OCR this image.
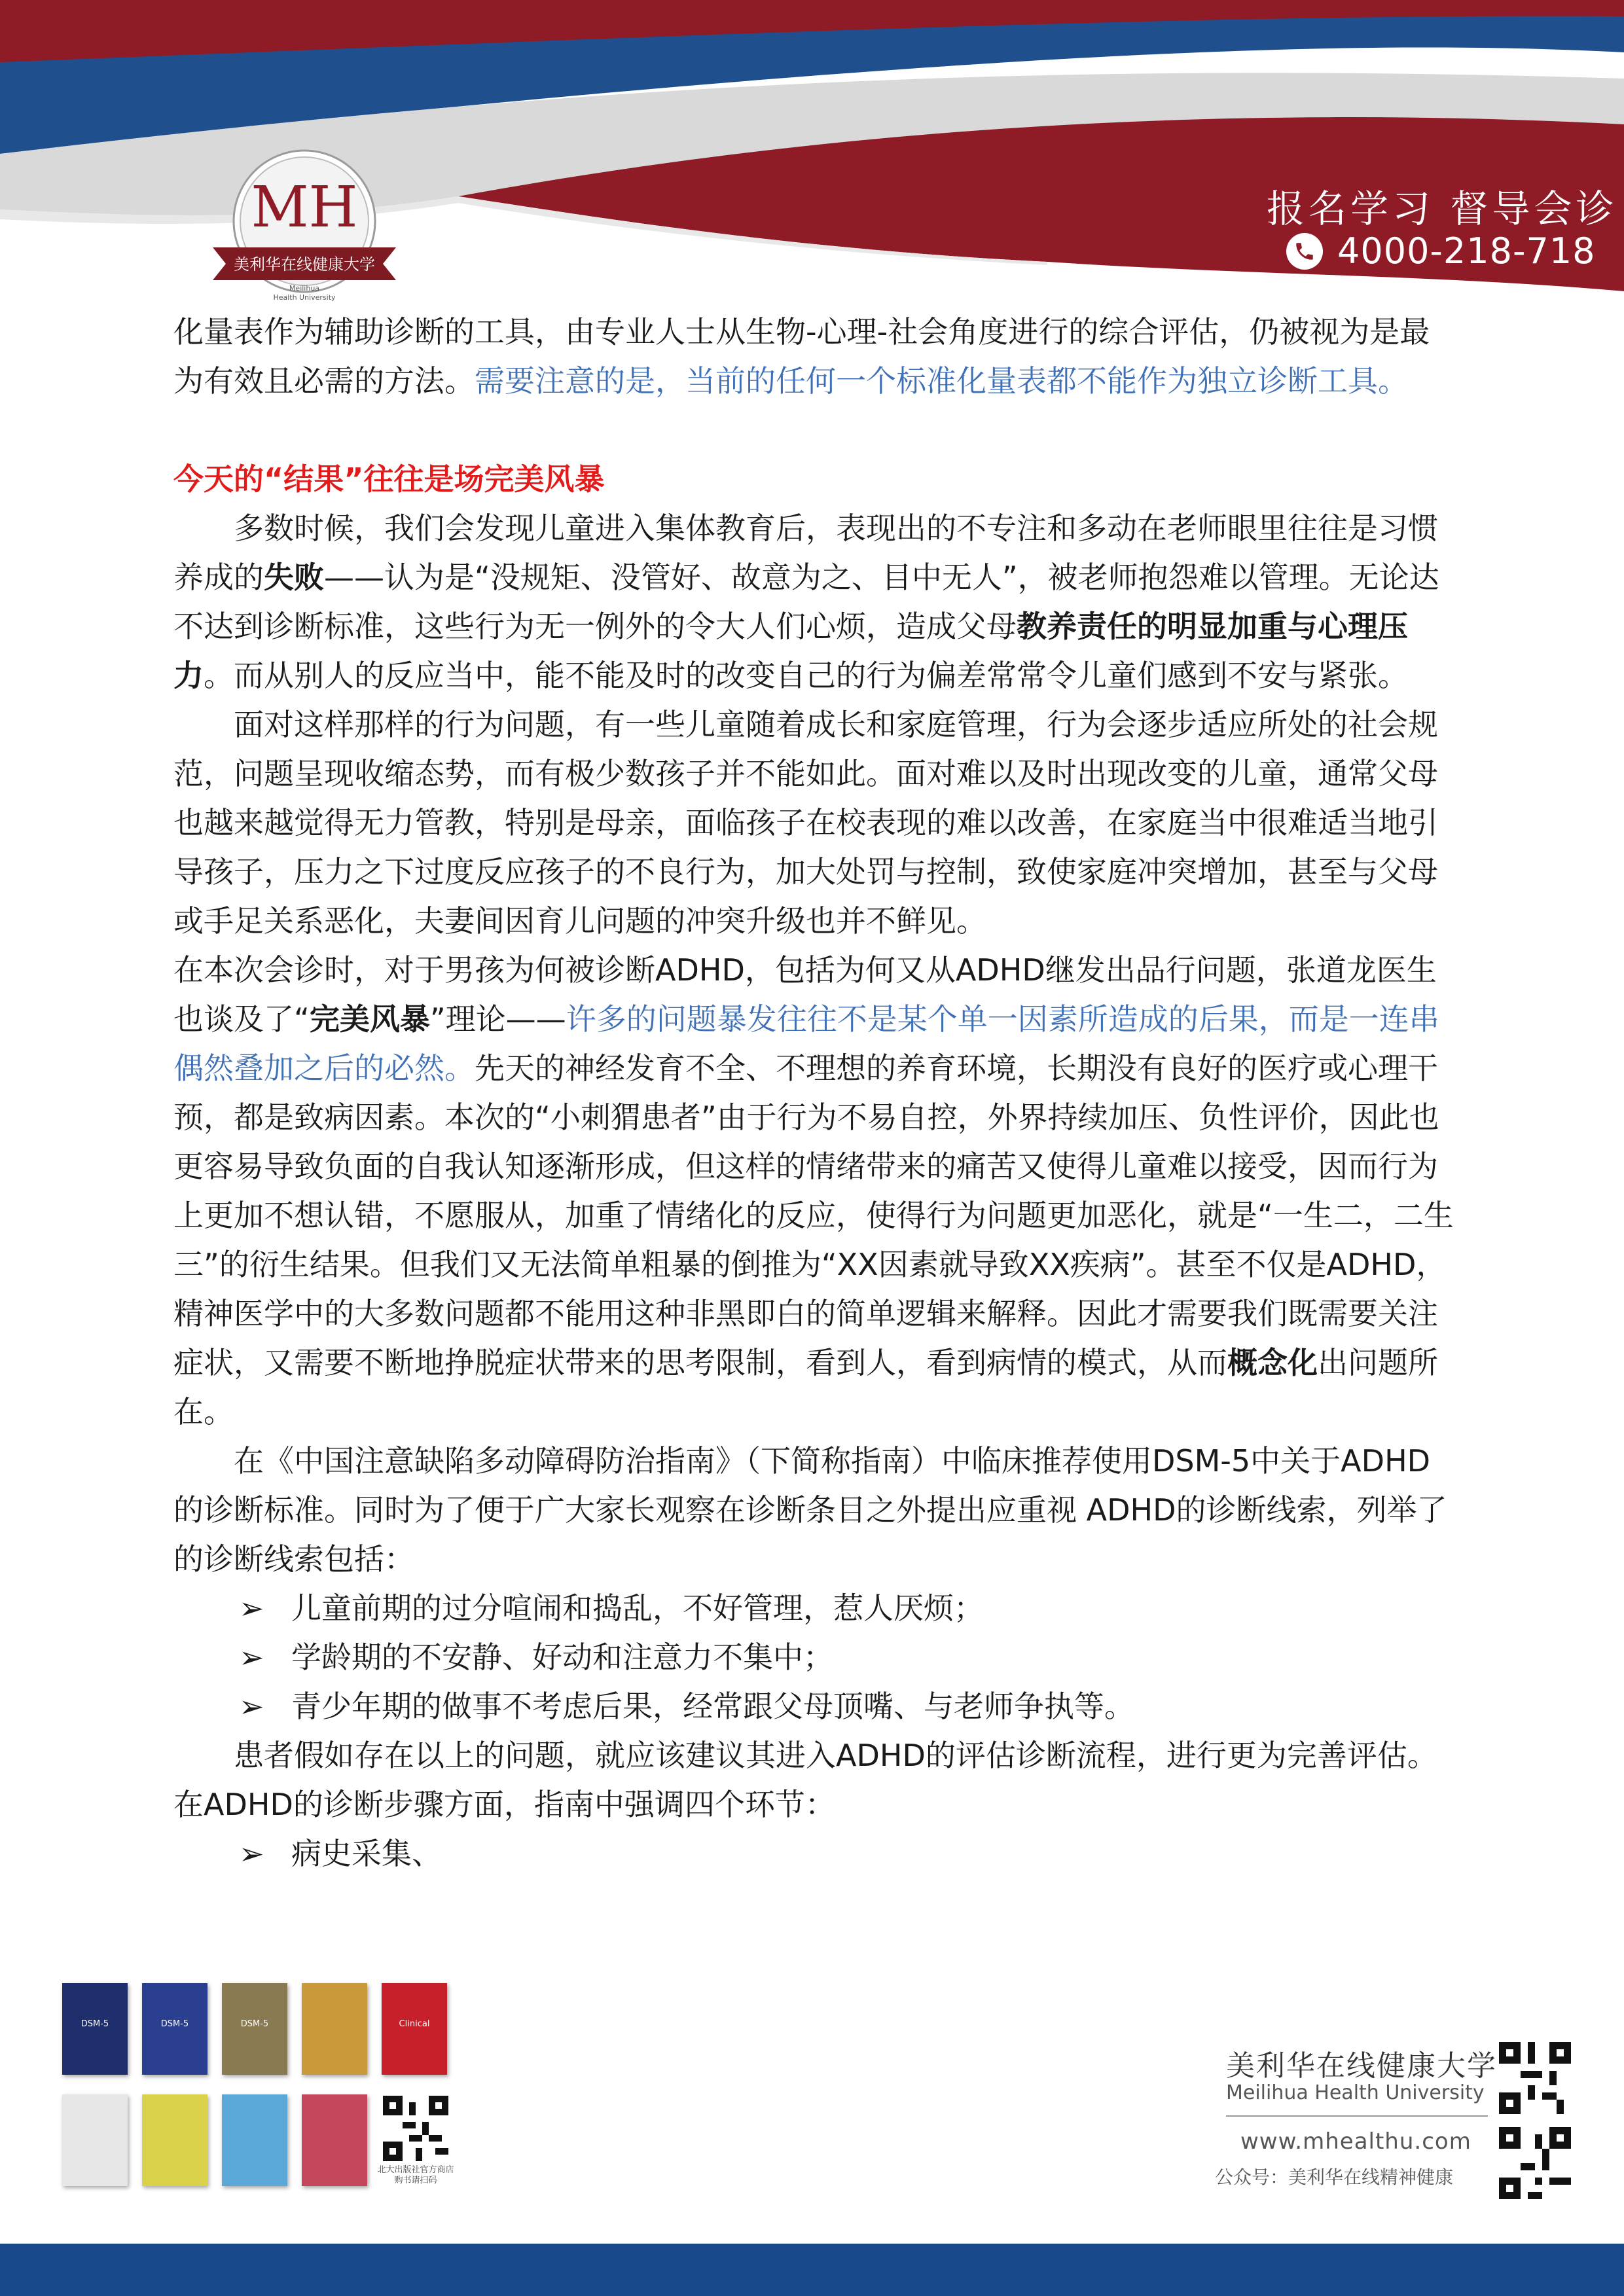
MH
美利华在线健康大学
Meilihua
Health University
报名学习 督导会诊
4000-218-718

化量表作为辅助诊断的工具，由专业人士从生物-心理-社会角度进行的综合评估，仍被视为是最为有效且必需的方法。需要注意的是，当前的任何一个标准化量表都不能作为独立诊断工具。

今天的“结果”往往是场完美风暴

多数时候，我们会发现儿童进入集体教育后，表现出的不专注和多动在老师眼里往往是习惯养成的失败——认为是“没规矩、没管好、故意为之、目中无人”，被老师抱怨难以管理。无论达不达到诊断标准，这些行为无一例外的令大人们心烦，造成父母教养责任的明显加重与心理压力。而从别人的反应当中，能不能及时的改变自己的行为偏差常常令儿童们感到不安与紧张。

面对这样那样的行为问题，有一些儿童随着成长和家庭管理，行为会逐步适应所处的社会规范，问题呈现收缩态势，而有极少数孩子并不能如此。面对难以及时出现改变的儿童，通常父母也越来越觉得无力管教，特别是母亲，面临孩子在校表现的难以改善，在家庭当中很难适当地引导孩子，压力之下过度反应孩子的不良行为，加大处罚与控制，致使家庭冲突增加，甚至与父母或手足关系恶化，夫妻间因育儿问题的冲突升级也并不鲜见。

在本次会诊时，对于男孩为何被诊断ADHD，包括为何又从ADHD继发出品行问题，张道龙医生也谈及了“完美风暴”理论——许多的问题暴发往往不是某个单一因素所造成的后果，而是一连串偶然叠加之后的必然。先天的神经发育不全、不理想的养育环境，长期没有良好的医疗或心理干预，都是致病因素。本次的“小刺猬患者”由于行为不易自控，外界持续加压、负性评价，因此也更容易导致负面的自我认知逐渐形成，但这样的情绪带来的痛苦又使得儿童难以接受，因而行为上更加不想认错，不愿服从，加重了情绪化的反应，使得行为问题更加恶化，就是“一生二，二生三”的衍生结果。但我们又无法简单粗暴的倒推为“XX因素就导致XX疾病”。甚至不仅是ADHD，精神医学中的大多数问题都不能用这种非黑即白的简单逻辑来解释。因此才需要我们既需要关注症状，又需要不断地挣脱症状带来的思考限制，看到人，看到病情的模式，从而概念化出问题所在。

在《中国注意缺陷多动障碍防治指南》（下简称指南）中临床推荐使用DSM-5中关于ADHD的诊断标准。同时为了便于广大家长观察在诊断条目之外提出应重视 ADHD的诊断线索，列举了的诊断线索包括：

➢ 儿童前期的过分喧闹和捣乱，不好管理，惹人厌烦；
➢ 学龄期的不安静、好动和注意力不集中；
➢ 青少年期的做事不考虑后果，经常跟父母顶嘴、与老师争执等。

患者假如存在以上的问题，就应该建议其进入ADHD的评估诊断流程，进行更为完善评估。在ADHD的诊断步骤方面，指南中强调四个环节：

➢ 病史采集、
DSM-5	DSM-5	DSM-5	Clinical
北大出版社官方商店
购书请扫码
美利华在线健康大学
Meilihua Health University
www.mhealthu.com
公众号：美利华在线精神健康
